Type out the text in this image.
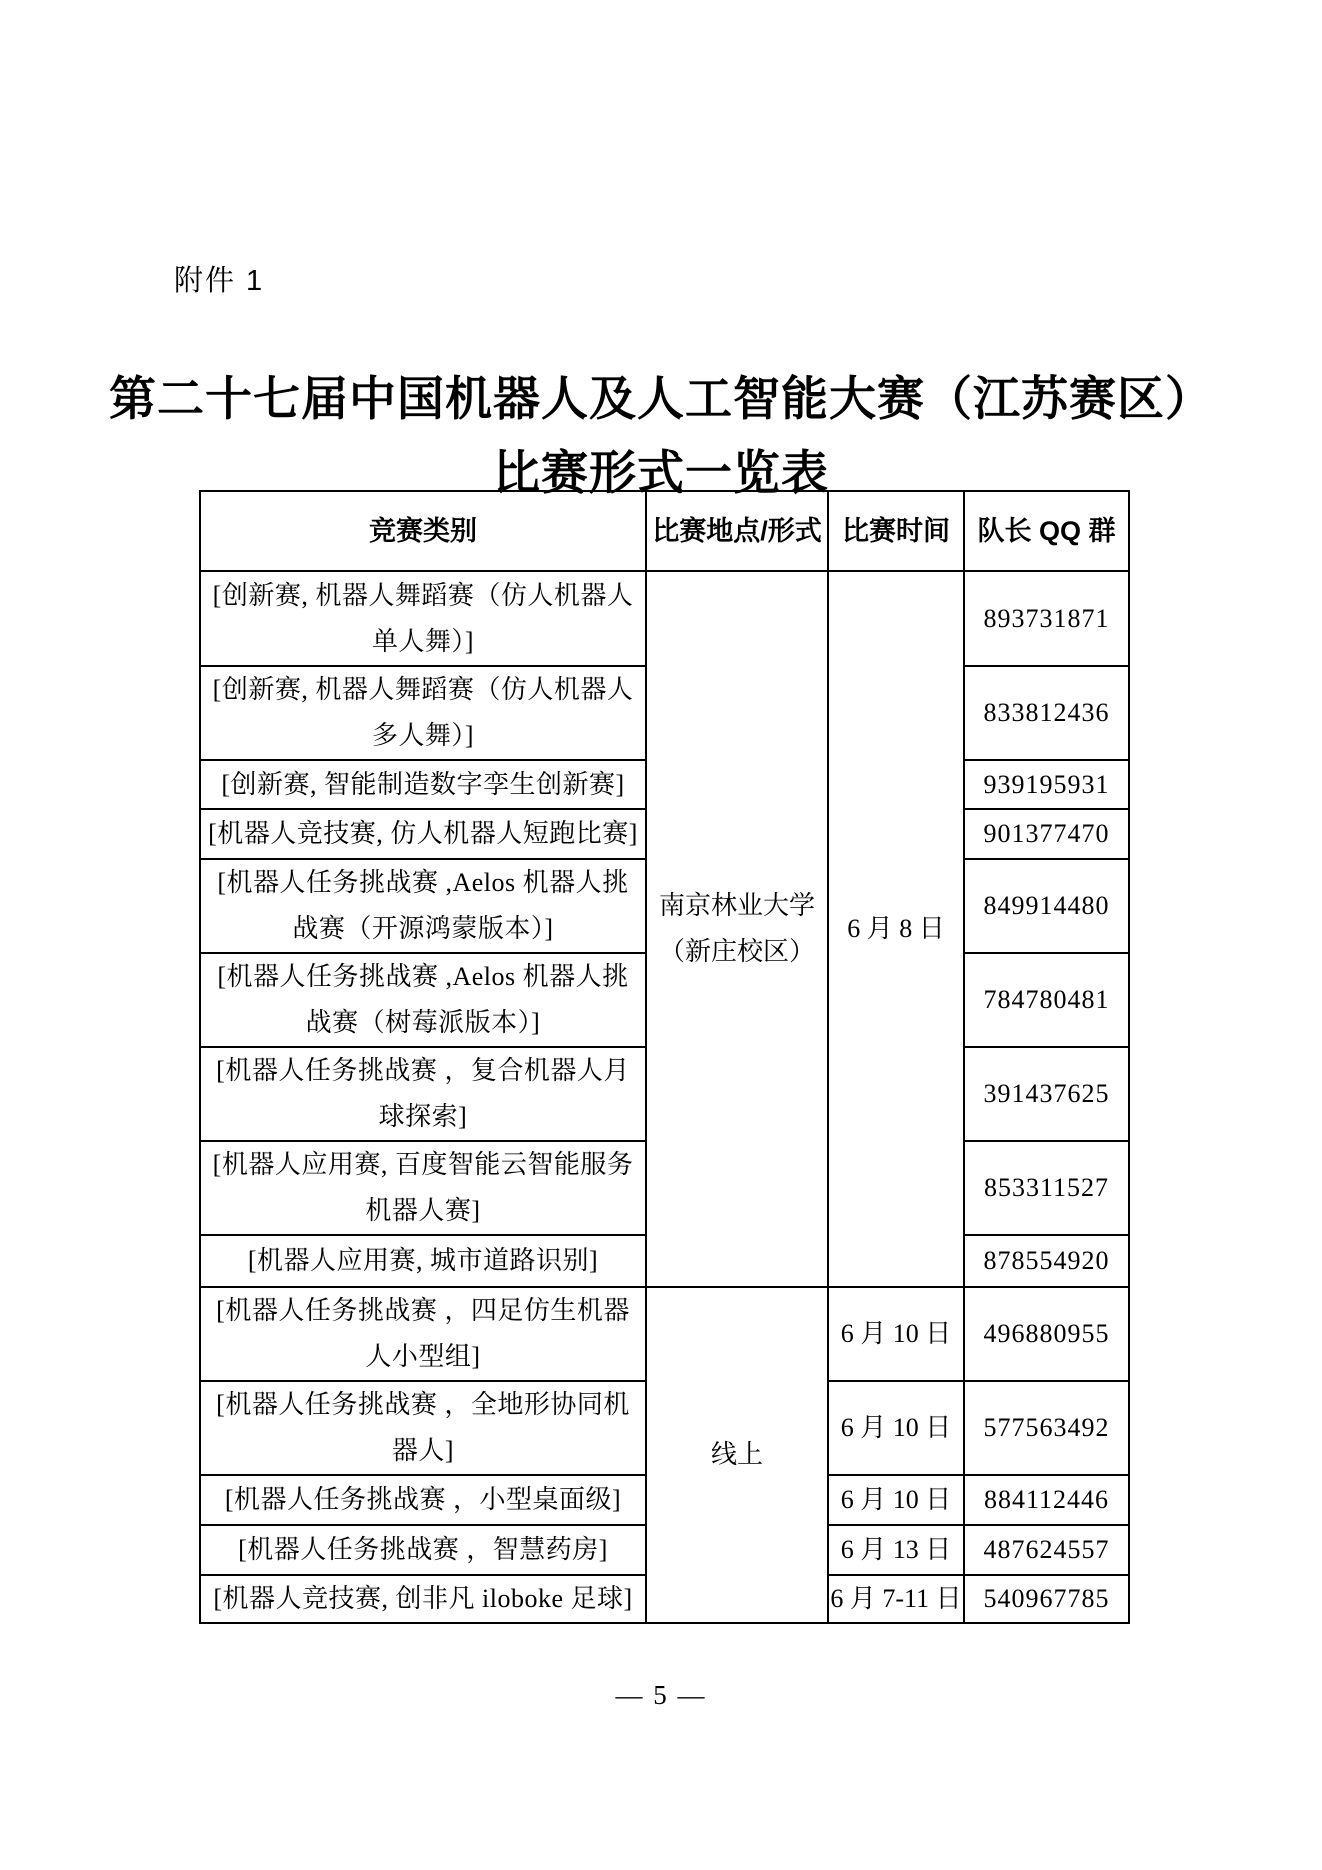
附件 1
第二十七届中国机器人及人工智能大赛（江苏赛区）
比赛形式一览表
竞赛类别	比赛地点/形式	比赛时间	队长 QQ 群
[创新赛, 机器人舞蹈赛（仿人机器人
单人舞）]	南京林业大学
（新庄校区）	6 月 8 日	893731871
[创新赛, 机器人舞蹈赛（仿人机器人
多人舞）]			833812436
[创新赛, 智能制造数字孪生创新赛]			939195931
[机器人竞技赛, 仿人机器人短跑比赛]			901377470
[机器人任务挑战赛 ,Aelos 机器人挑
战赛（开源鸿蒙版本）]			849914480
[机器人任务挑战赛 ,Aelos 机器人挑
战赛（树莓派版本）]			784780481
[机器人任务挑战赛 ，复合机器人月
球探索]			391437625
[机器人应用赛, 百度智能云智能服务
机器人赛]			853311527
[机器人应用赛, 城市道路识别]			878554920
[机器人任务挑战赛 ，四足仿生机器
人小型组]	线上	6 月 10 日	496880955
[机器人任务挑战赛 ，全地形协同机
器人]		6 月 10 日	577563492
[机器人任务挑战赛 ，小型桌面级]		6 月 10 日	884112446
[机器人任务挑战赛 ，智慧药房]		6 月 13 日	487624557
[机器人竞技赛, 创非凡 iloboke 足球]		6 月 7-11 日	540967785
— 5 —
